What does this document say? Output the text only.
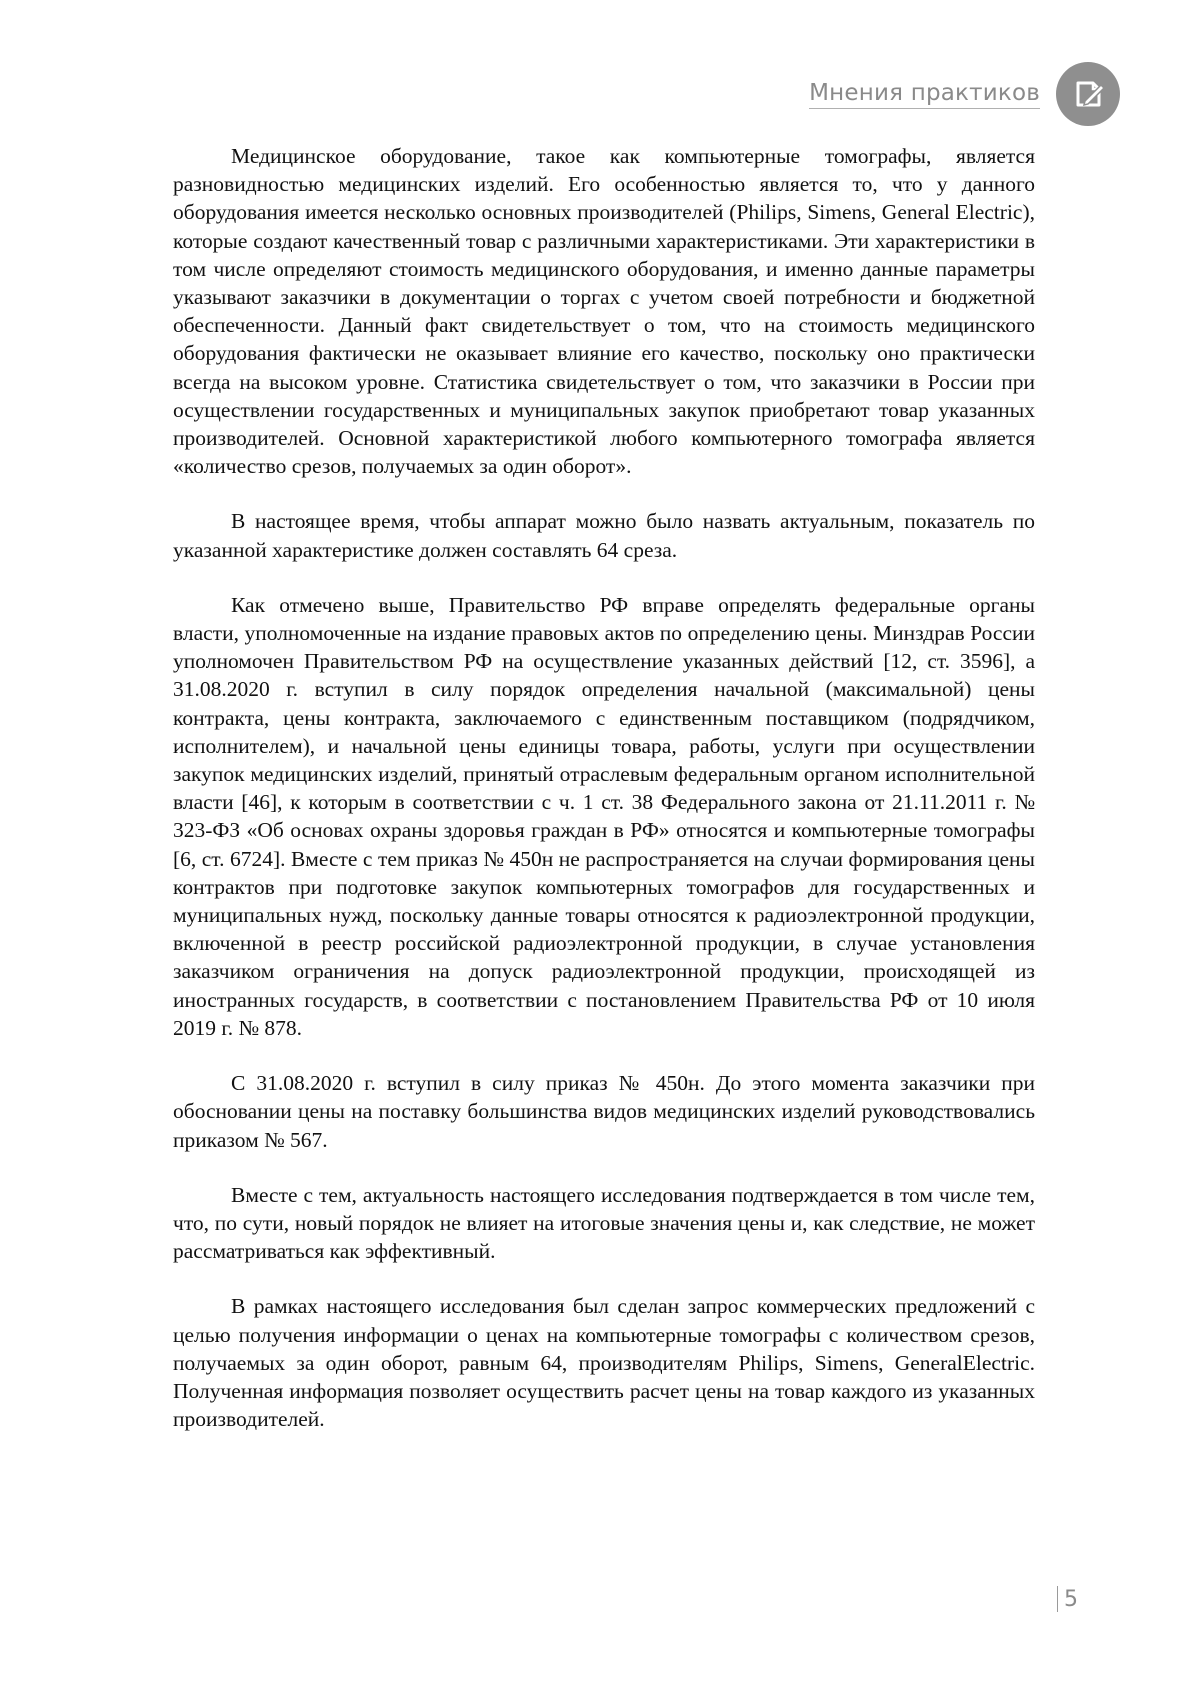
Мнения практиков

Медицинское оборудование, такое как компьютерные томографы, является разновидностью медицинских изделий. Его особенностью является то, что у данного оборудования имеется несколько основных производителей (Philips, Simens, General Electric), которые создают качественный товар с различными характеристиками. Эти характеристики в том числе определяют стоимость медицинского оборудования, и именно данные параметры указывают заказчики в документации о торгах с учетом своей потребности и бюджетной обеспеченности. Данный факт свидетельствует о том, что на стоимость медицинского оборудования фактически не оказывает влияние его качество, поскольку оно практически всегда на высоком уровне. Статистика свидетельствует о том, что заказчики в России при осуществлении государственных и муниципальных закупок приобретают товар указанных производителей. Основной характеристикой любого компьютерного томографа является «количество срезов, получаемых за один оборот».

В настоящее время, чтобы аппарат можно было назвать актуальным, показатель по указанной характеристике должен составлять 64 среза.

Как отмечено выше, Правительство РФ вправе определять федеральные органы власти, уполномоченные на издание правовых актов по определению цены. Минздрав России уполномочен Правительством РФ на осуществление указанных действий [12, ст. 3596], а 31.08.2020 г. вступил в силу порядок определения начальной (максимальной) цены контракта, цены контракта, заключаемого с единственным поставщиком (подрядчиком, исполнителем), и начальной цены единицы товара, работы, услуги при осуществлении закупок медицинских изделий, принятый отраслевым федеральным органом исполнительной власти [46], к которым в соответствии с ч. 1 ст. 38 Федерального закона от 21.11.2011 г. № 323-ФЗ «Об основах охраны здоровья граждан в РФ» относятся и компьютерные томографы [6, ст. 6724]. Вместе с тем приказ № 450н не распространяется на случаи формирования цены контрактов при подготовке закупок компьютерных томографов для государственных и муниципальных нужд, поскольку данные товары относятся к радиоэлектронной продукции, включенной в реестр российской радиоэлектронной продукции, в случае установления заказчиком ограничения на допуск радиоэлектронной продукции, происходящей из иностранных государств, в соответствии с постановлением Правительства РФ от 10 июля 2019 г. № 878.

С 31.08.2020 г. вступил в силу приказ № 450н. До этого момента заказчики при обосновании цены на поставку большинства видов медицинских изделий руководствовались приказом № 567.

Вместе с тем, актуальность настоящего исследования подтверждается в том числе тем, что, по сути, новый порядок не влияет на итоговые значения цены и, как следствие, не может рассматриваться как эффективный.

В рамках настоящего исследования был сделан запрос коммерческих предложений с целью получения информации о ценах на компьютерные томографы с количеством срезов, получаемых за один оборот, равным 64, производителям Philips, Simens, GeneralElectric. Полученная информация позволяет осуществить расчет цены на товар каждого из указанных производителей.

5
